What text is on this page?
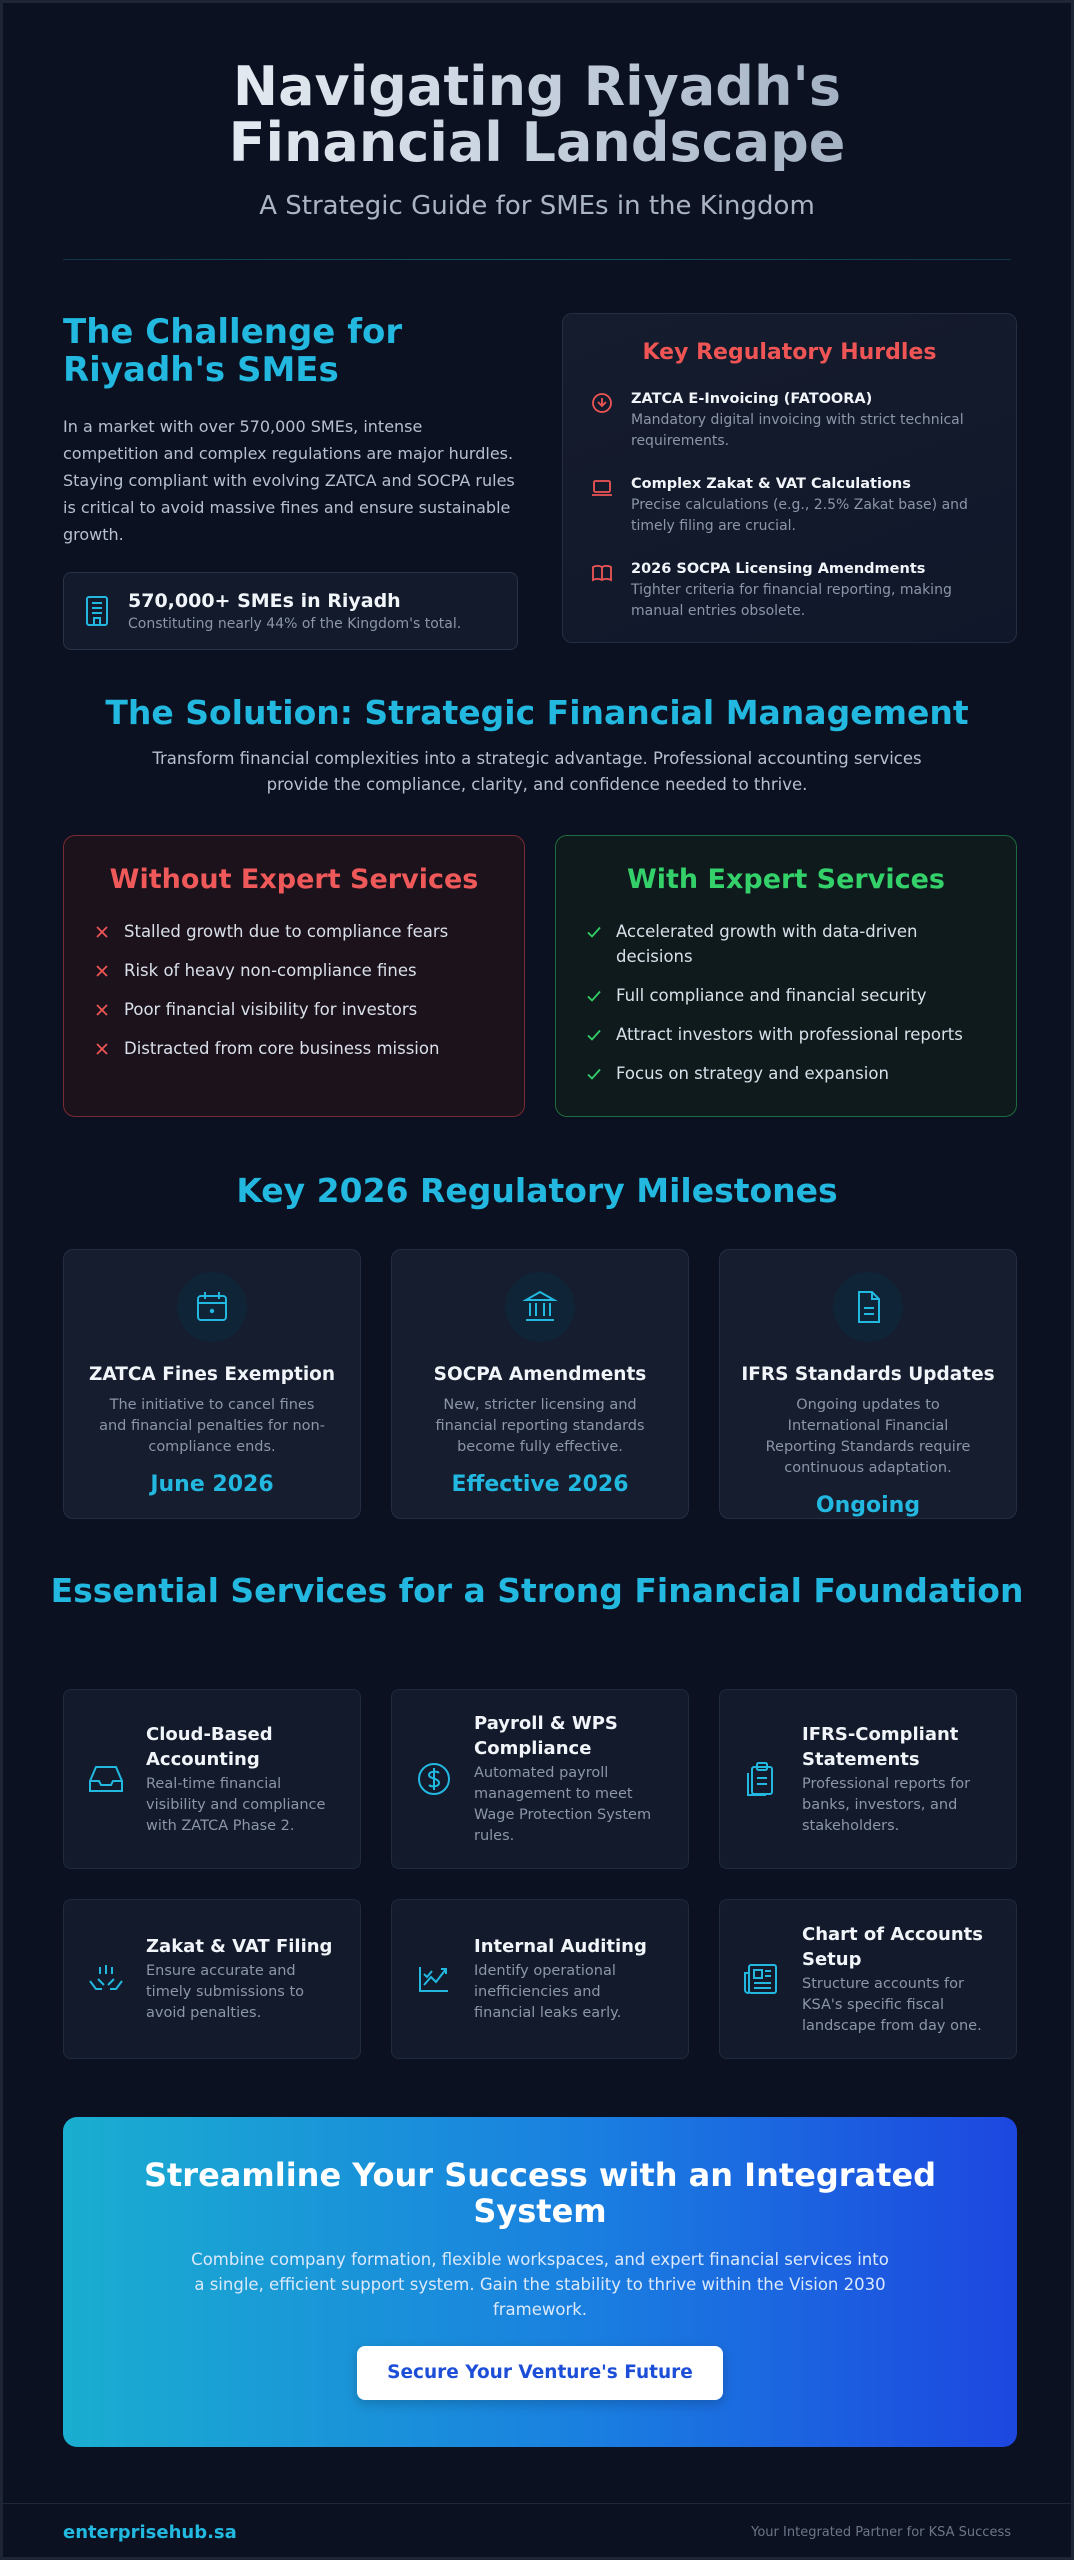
Navigating Riyadh's Financial Landscape
A Strategic Guide for SMEs in the Kingdom
The Challenge for Riyadh's SMEs

In a market with over 570,000 SMEs, intense competition and complex regulations are major hurdles. Staying compliant with evolving ZATCA and SOCPA rules is critical to avoid massive fines and ensure sustainable growth.

570,000+ SMEs in Riyadh
Constituting nearly 44% of the Kingdom's total.
Key Regulatory Hurdles
ZATCA E-Invoicing (FATOORA)
Mandatory digital invoicing with strict technical requirements.
Complex Zakat & VAT Calculations
Precise calculations (e.g., 2.5% Zakat base) and timely filing are crucial.
2026 SOCPA Licensing Amendments
Tighter criteria for financial reporting, making manual entries obsolete.
The Solution: Strategic Financial Management

Transform financial complexities into a strategic advantage. Professional accounting services provide the compliance, clarity, and confidence needed to thrive.

Without Expert Services
Stalled growth due to compliance fears
Risk of heavy non-compliance fines
Poor financial visibility for investors
Distracted from core business mission
With Expert Services
Accelerated growth with data-driven decisions
Full compliance and financial security
Attract investors with professional reports
Focus on strategy and expansion
Key 2026 Regulatory Milestones
ZATCA Fines Exemption
The initiative to cancel fines and financial penalties for non-compliance ends.
June 2026
SOCPA Amendments
New, stricter licensing and financial reporting standards become fully effective.
Effective 2026
IFRS Standards Updates
Ongoing updates to International Financial Reporting Standards require continuous adaptation.
Ongoing
Essential Services for a Strong Financial Foundation
Cloud-Based Accounting
Real-time financial visibility and compliance with ZATCA Phase 2.
Payroll & WPS Compliance
Automated payroll management to meet Wage Protection System rules.
IFRS-Compliant Statements
Professional reports for banks, investors, and stakeholders.
Zakat & VAT Filing
Ensure accurate and timely submissions to avoid penalties.
Internal Auditing
Identify operational inefficiencies and financial leaks early.
Chart of Accounts Setup
Structure accounts for KSA's specific fiscal landscape from day one.
Streamline Your Success with an Integrated System

Combine company formation, flexible workspaces, and expert financial services into a single, efficient support system. Gain the stability to thrive within the Vision 2030 framework.

Secure Your Venture's Future
enterprisehub.sa	Your Integrated Partner for KSA Success
